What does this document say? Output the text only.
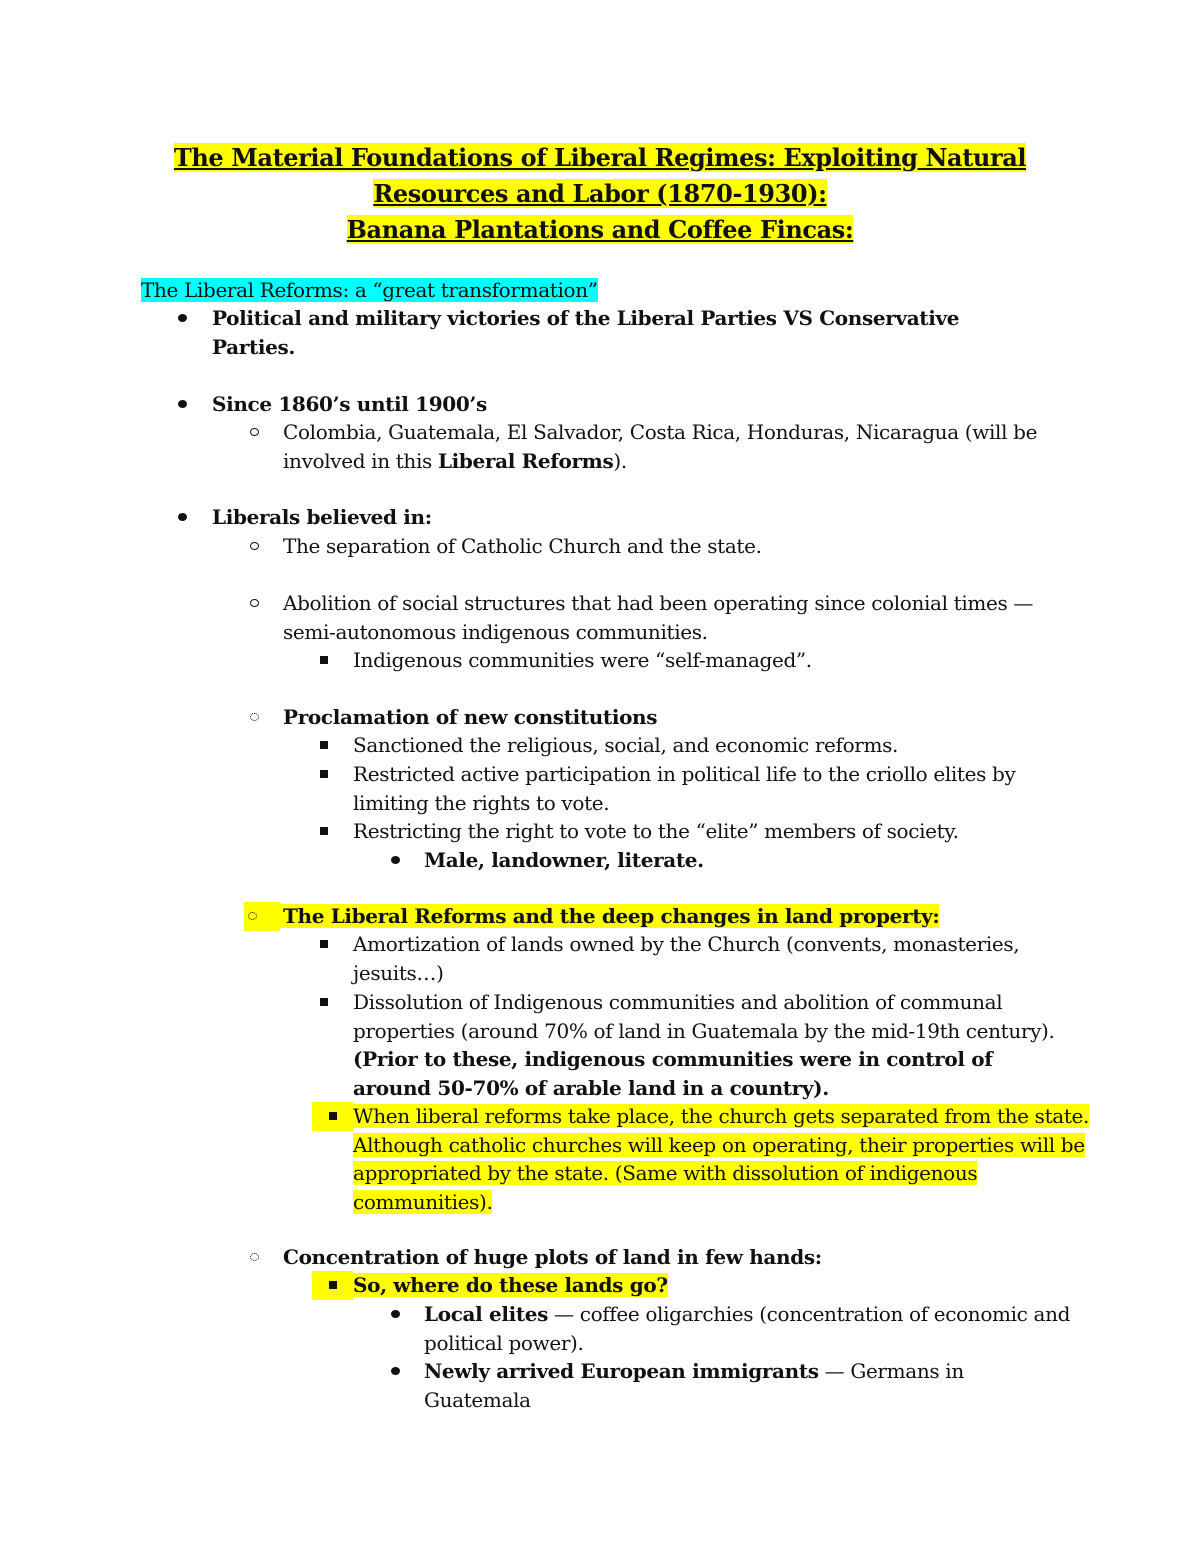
The Material Foundations of Liberal Regimes: Exploiting Natural
Resources and Labor (1870-1930):
Banana Plantations and Coffee Fincas:
The Liberal Reforms: a “great transformation”
Political and military victories of the Liberal Parties VS Conservative
Parties.
Since 1860’s until 1900’s
Colombia, Guatemala, El Salvador, Costa Rica, Honduras, Nicaragua (will be
involved in this Liberal Reforms).
Liberals believed in:
The separation of Catholic Church and the state.
Abolition of social structures that had been operating since colonial times —
semi-autonomous indigenous communities.
Indigenous communities were “self-managed”.
Proclamation of new constitutions
Sanctioned the religious, social, and economic reforms.
Restricted active participation in political life to the criollo elites by
limiting the rights to vote.
Restricting the right to vote to the “elite” members of society.
Male, landowner, literate.
The Liberal Reforms and the deep changes in land property:
Amortization of lands owned by the Church (convents, monasteries,
jesuits…)
Dissolution of Indigenous communities and abolition of communal
properties (around 70% of land in Guatemala by the mid-19th century).
(Prior to these, indigenous communities were in control of
around 50-70% of arable land in a country).
When liberal reforms take place, the church gets separated from the state.
Although catholic churches will keep on operating, their properties will be
appropriated by the state. (Same with dissolution of indigenous
communities).
Concentration of huge plots of land in few hands:
So, where do these lands go?
Local elites — coffee oligarchies (concentration of economic and
political power).
Newly arrived European immigrants — Germans in
Guatemala
